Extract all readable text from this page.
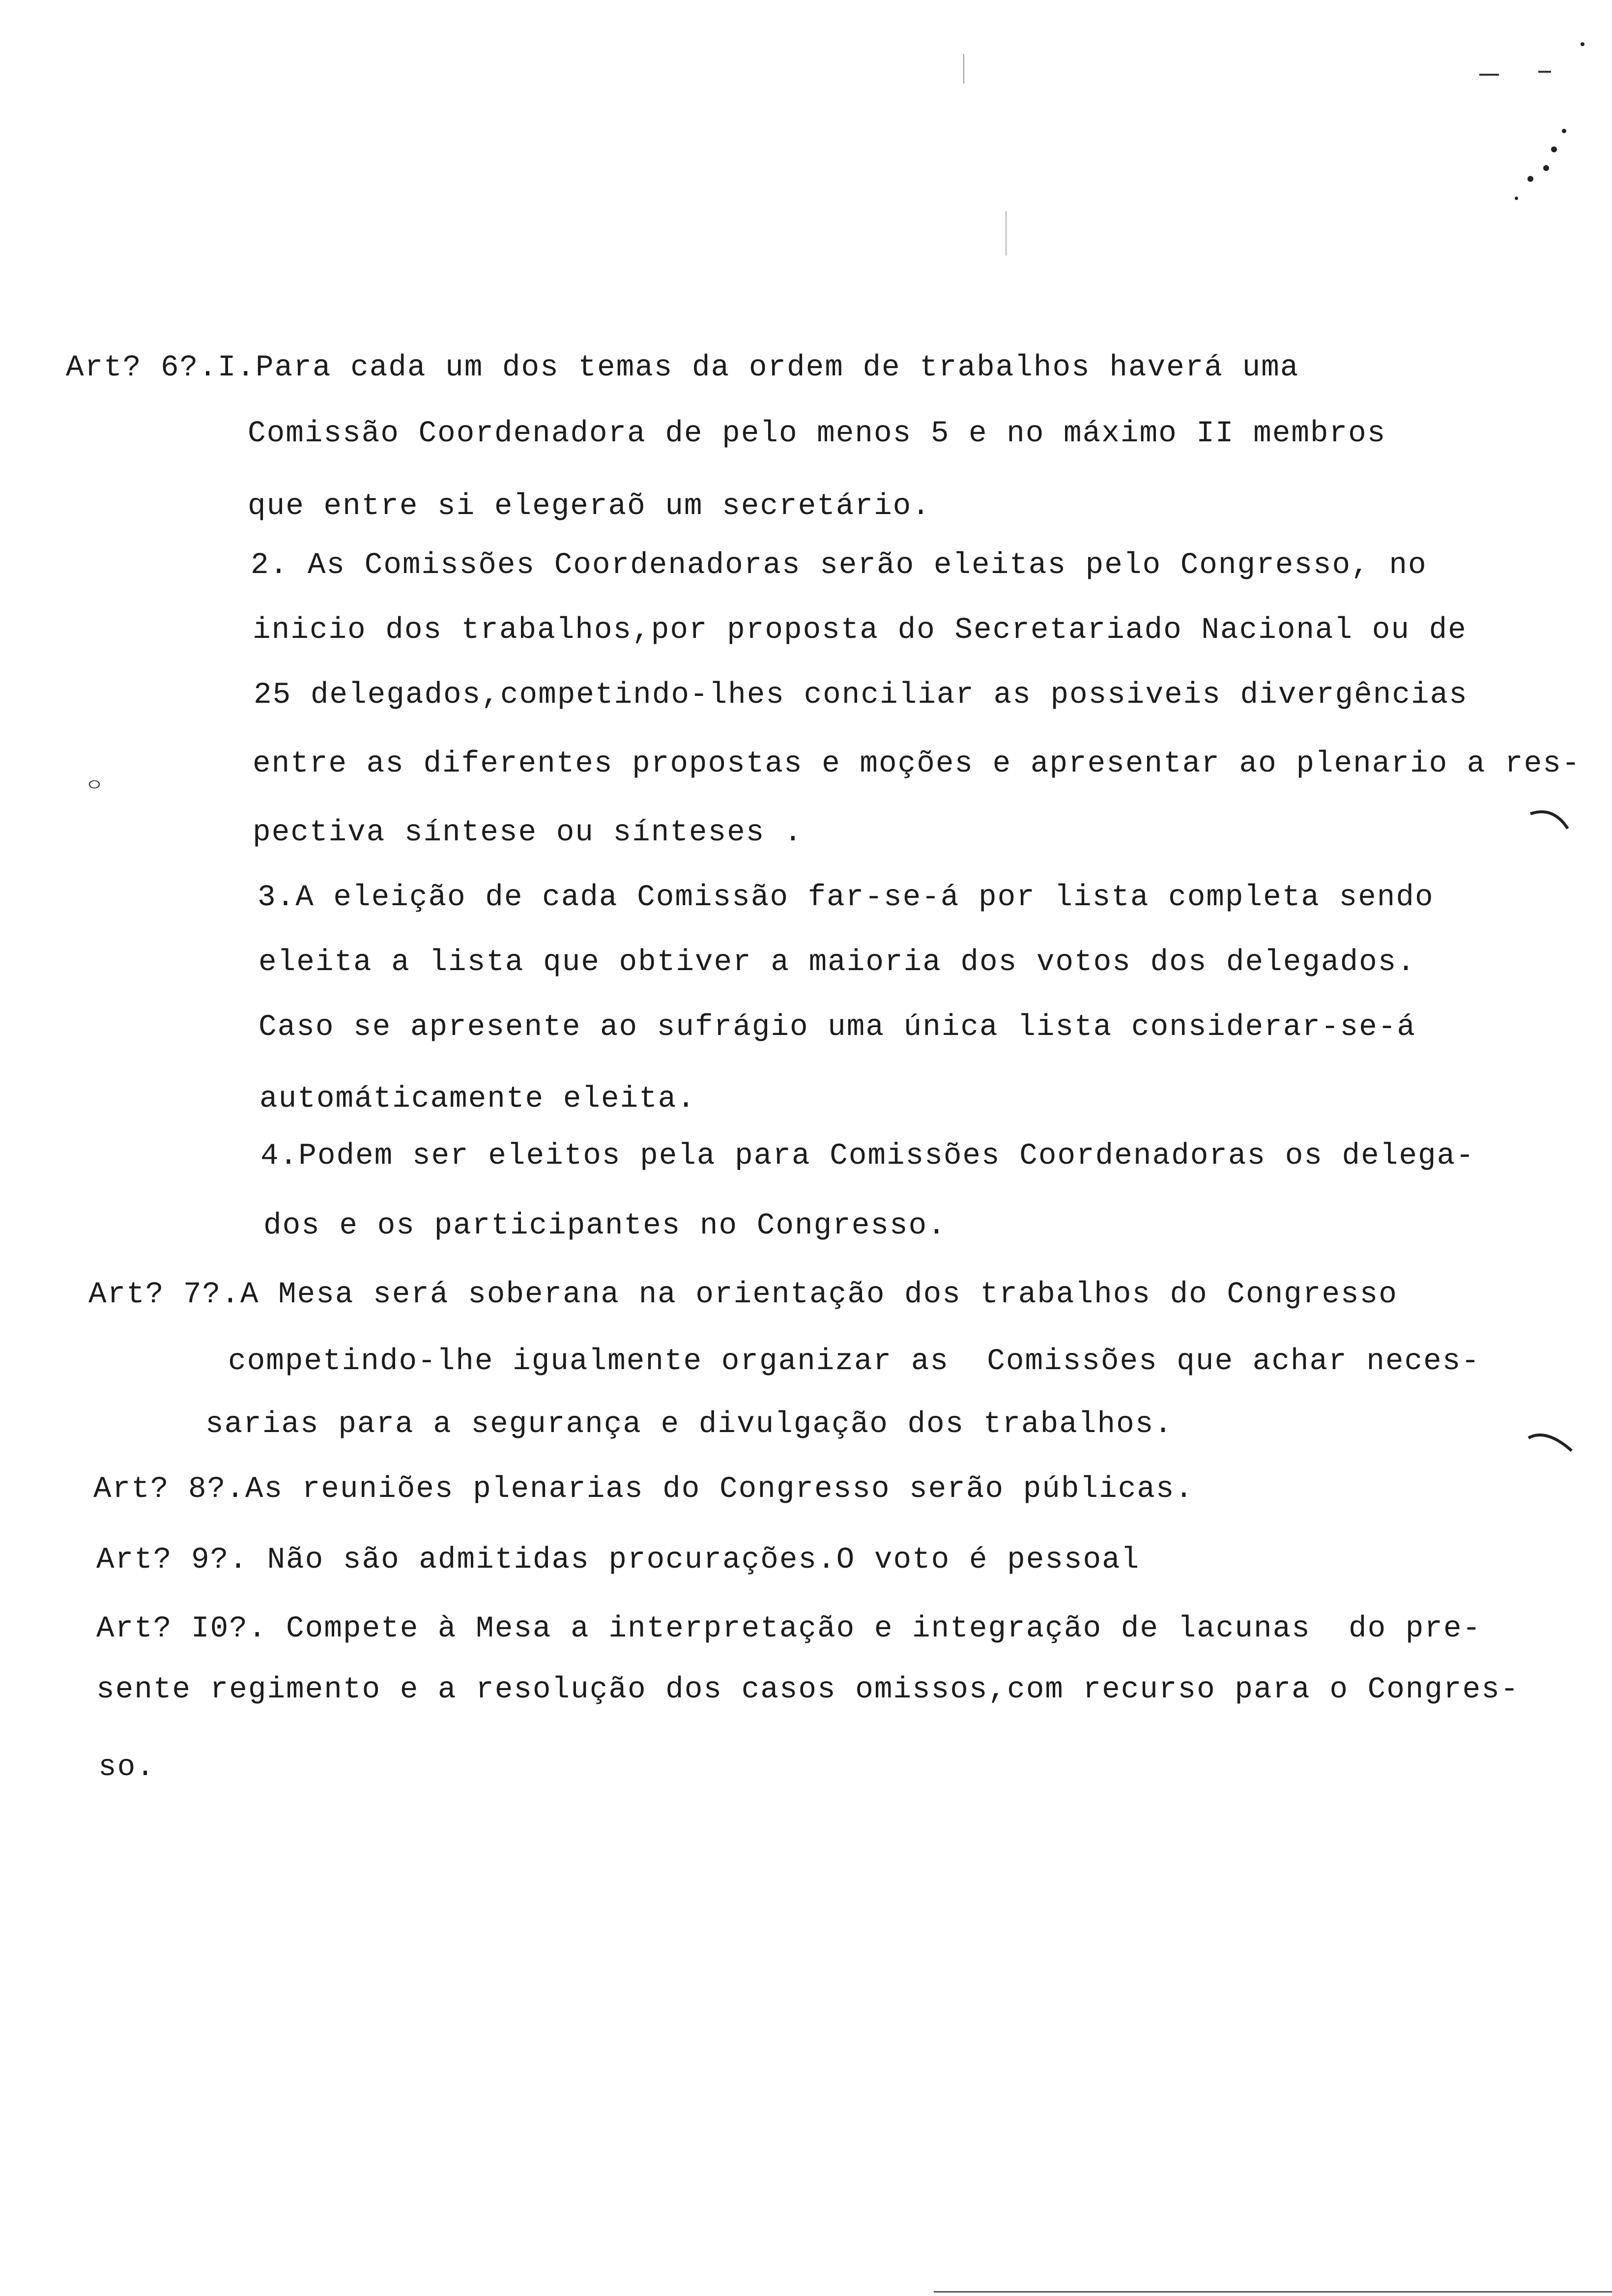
Art? 6?.I.Para cada um dos temas da ordem de trabalhos haverá uma
Comissão Coordenadora de pelo menos 5 e no máximo II membros
que entre si elegeraõ um secretário.
2. As Comissões Coordenadoras serão eleitas pelo Congresso, no
inicio dos trabalhos,por proposta do Secretariado Nacional ou de
25 delegados,competindo-lhes conciliar as possiveis divergências
entre as diferentes propostas e moções e apresentar ao plenario a res-
pectiva síntese ou sínteses .
3.A eleição de cada Comissão far-se-á por lista completa sendo
eleita a lista que obtiver a maioria dos votos dos delegados.
Caso se apresente ao sufrágio uma única lista considerar-se-á
automáticamente eleita.
4.Podem ser eleitos pela para Comissões Coordenadoras os delega-
dos e os participantes no Congresso.
Art? 7?.A Mesa será soberana na orientação dos trabalhos do Congresso
competindo-lhe igualmente organizar as  Comissões que achar neces-
sarias para a segurança e divulgação dos trabalhos.
Art? 8?.As reuniões plenarias do Congresso serão públicas.
Art? 9?. Não são admitidas procurações.O voto é pessoal
Art? I0?. Compete à Mesa a interpretação e integração de lacunas  do pre-
sente regimento e a resolução dos casos omissos,com recurso para o Congres-
so.
